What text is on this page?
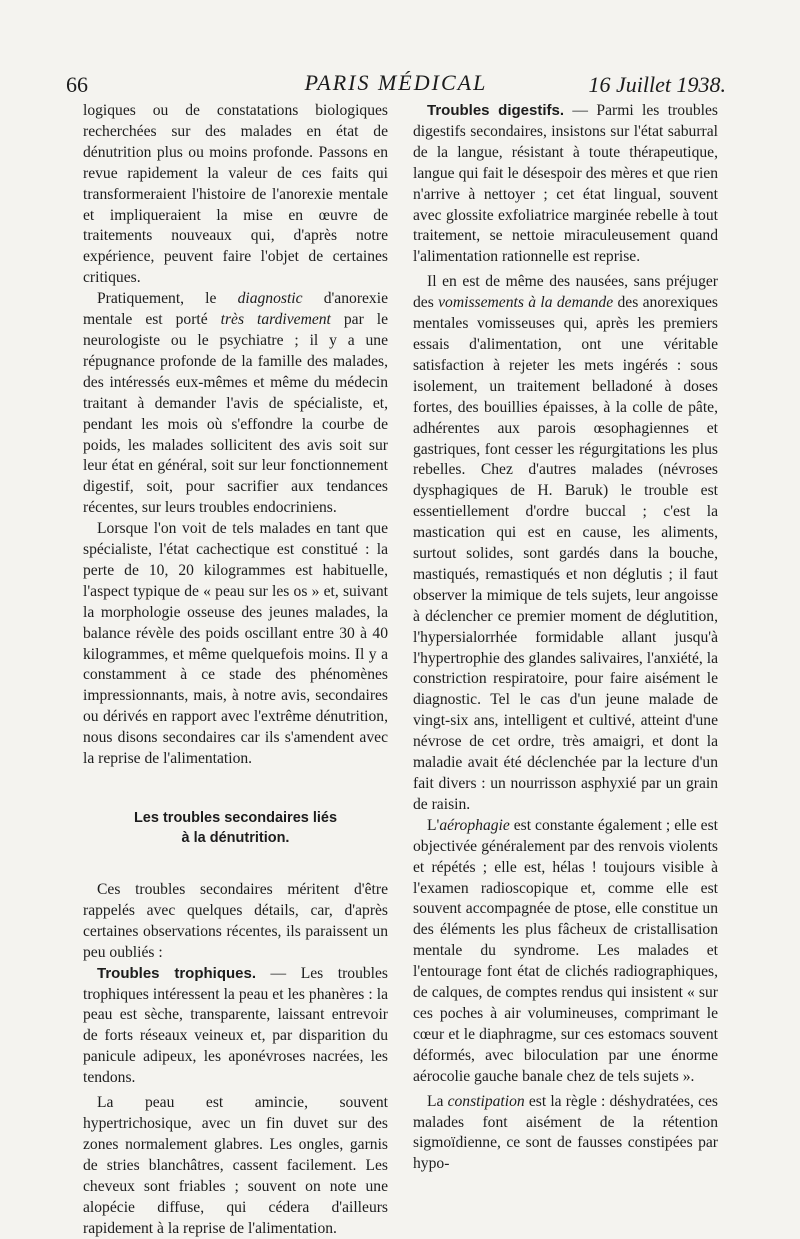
66	PARIS MÉDICAL	16 Juillet 1938.

logiques ou de constatations biologiques recherchées sur des malades en état de dénutrition plus ou moins profonde. Passons en revue rapidement la valeur de ces faits qui transformeraient l'histoire de l'anorexie mentale et impliqueraient la mise en œuvre de traitements nouveaux qui, d'après notre expérience, peuvent faire l'objet de certaines critiques.

Pratiquement, le diagnostic d'anorexie mentale est porté très tardivement par le neurologiste ou le psychiatre ; il y a une répugnance profonde de la famille des malades, des intéressés eux-mêmes et même du médecin traitant à demander l'avis de spécialiste, et, pendant les mois où s'effondre la courbe de poids, les malades sollicitent des avis soit sur leur état en général, soit sur leur fonctionnement digestif, soit, pour sacrifier aux tendances récentes, sur leurs troubles endocriniens.

Lorsque l'on voit de tels malades en tant que spécialiste, l'état cachectique est constitué : la perte de 10, 20 kilogrammes est habituelle, l'aspect typique de « peau sur les os » et, suivant la morphologie osseuse des jeunes malades, la balance révèle des poids oscillant entre 30 à 40 kilogrammes, et même quelquefois moins. Il y a constamment à ce stade des phénomènes impressionnants, mais, à notre avis, secondaires ou dérivés en rapport avec l'extrême dénutrition, nous disons secondaires car ils s'amendent avec la reprise de l'alimentation.

Les troubles secondaires liés
à la dénutrition.

Ces troubles secondaires méritent d'être rappelés avec quelques détails, car, d'après certaines observations récentes, ils paraissent un peu oubliés :

Troubles trophiques. — Les troubles trophiques intéressent la peau et les phanères : la peau est sèche, transparente, laissant entrevoir de forts réseaux veineux et, par disparition du panicule adipeux, les aponévroses nacrées, les tendons.

La peau est amincie, souvent hypertrichosique, avec un fin duvet sur des zones normalement glabres. Les ongles, garnis de stries blanchâtres, cassent facilement. Les cheveux sont friables ; souvent on note une alopécie diffuse, qui cédera d'ailleurs rapidement à la reprise de l'alimentation.

Troubles digestifs. — Parmi les troubles digestifs secondaires, insistons sur l'état saburral de la langue, résistant à toute thérapeutique, langue qui fait le désespoir des mères et que rien n'arrive à nettoyer ; cet état lingual, souvent avec glossite exfoliatrice marginée rebelle à tout traitement, se nettoie miraculeusement quand l'alimentation rationnelle est reprise.

Il en est de même des nausées, sans préjuger des vomissements à la demande des anorexiques mentales vomisseuses qui, après les premiers essais d'alimentation, ont une véritable satisfaction à rejeter les mets ingérés : sous isolement, un traitement belladoné à doses fortes, des bouillies épaisses, à la colle de pâte, adhérentes aux parois œsophagiennes et gastriques, font cesser les régurgitations les plus rebelles. Chez d'autres malades (névroses dysphagiques de H. Baruk) le trouble est essentiellement d'ordre buccal ; c'est la mastication qui est en cause, les aliments, surtout solides, sont gardés dans la bouche, mastiqués, remastiqués et non déglutis ; il faut observer la mimique de tels sujets, leur angoisse à déclencher ce premier moment de déglutition, l'hypersialorrhée formidable allant jusqu'à l'hypertrophie des glandes salivaires, l'anxiété, la constriction respiratoire, pour faire aisément le diagnostic. Tel le cas d'un jeune malade de vingt-six ans, intelligent et cultivé, atteint d'une névrose de cet ordre, très amaigri, et dont la maladie avait été déclenchée par la lecture d'un fait divers : un nourrisson asphyxié par un grain de raisin.

L'aérophagie est constante également ; elle est objectivée généralement par des renvois violents et répétés ; elle est, hélas ! toujours visible à l'examen radioscopique et, comme elle est souvent accompagnée de ptose, elle constitue un des éléments les plus fâcheux de cristallisation mentale du syndrome. Les malades et l'entourage font état de clichés radiographiques, de calques, de comptes rendus qui insistent « sur ces poches à air volumineuses, comprimant le cœur et le diaphragme, sur ces estomacs souvent déformés, avec biloculation par une énorme aérocolie gauche banale chez de tels sujets ».

La constipation est la règle : déshydratées, ces malades font aisément de la rétention sigmoïdienne, ce sont de fausses constipées par hypo-
